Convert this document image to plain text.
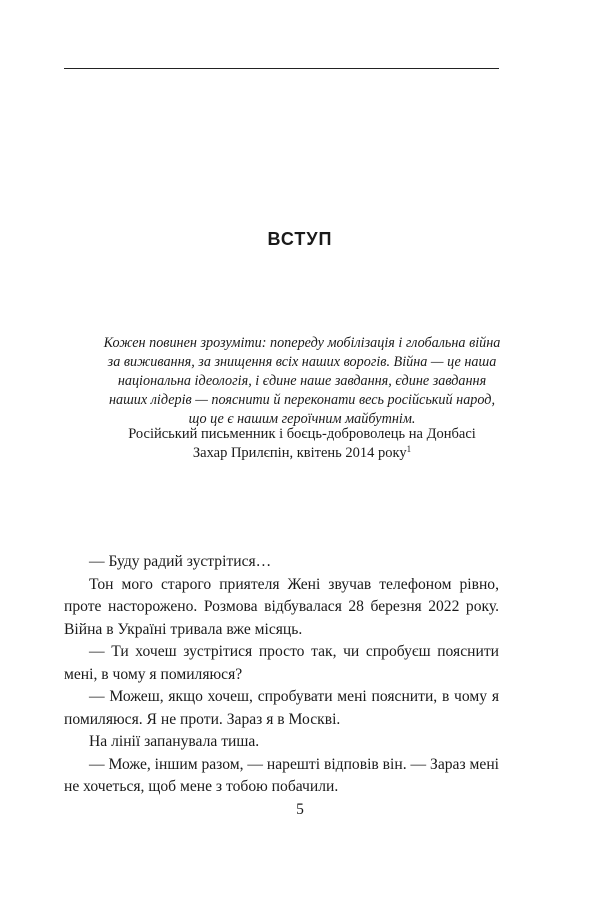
ВСТУП

Кожен повинен зрозуміти: попереду мобілізація і глобальна війна

за виживання, за знищення всіх наших ворогів. Війна — це наша

національна ідеологія, і єдине наше завдання, єдине завдання

наших лідерів — пояснити й переконати весь російський народ,

що це є нашим героїчним майбутнім.

Російський письменник і боєць-доброволець на Донбасі

Захар Прилєпін, квітень 2014 року$^1$

— Буду радий зустрітися…

Тон мого старого приятеля Жені звучав телефоном рівно, проте насторожено. Розмова відбувалася 28 березня 2022 року. Війна в Україні тривала вже місяць.

— Ти хочеш зустрітися просто так, чи спробуєш пояснити мені, в чому я помиляюся?

— Можеш, якщо хочеш, спробувати мені пояснити, в чому я помиляюся. Я не проти. Зараз я в Москві.

На лінії запанувала тиша.

— Може, іншим разом, — нарешті відповів він. — Зараз мені не хочеться, щоб мене з тобою побачили.

5
